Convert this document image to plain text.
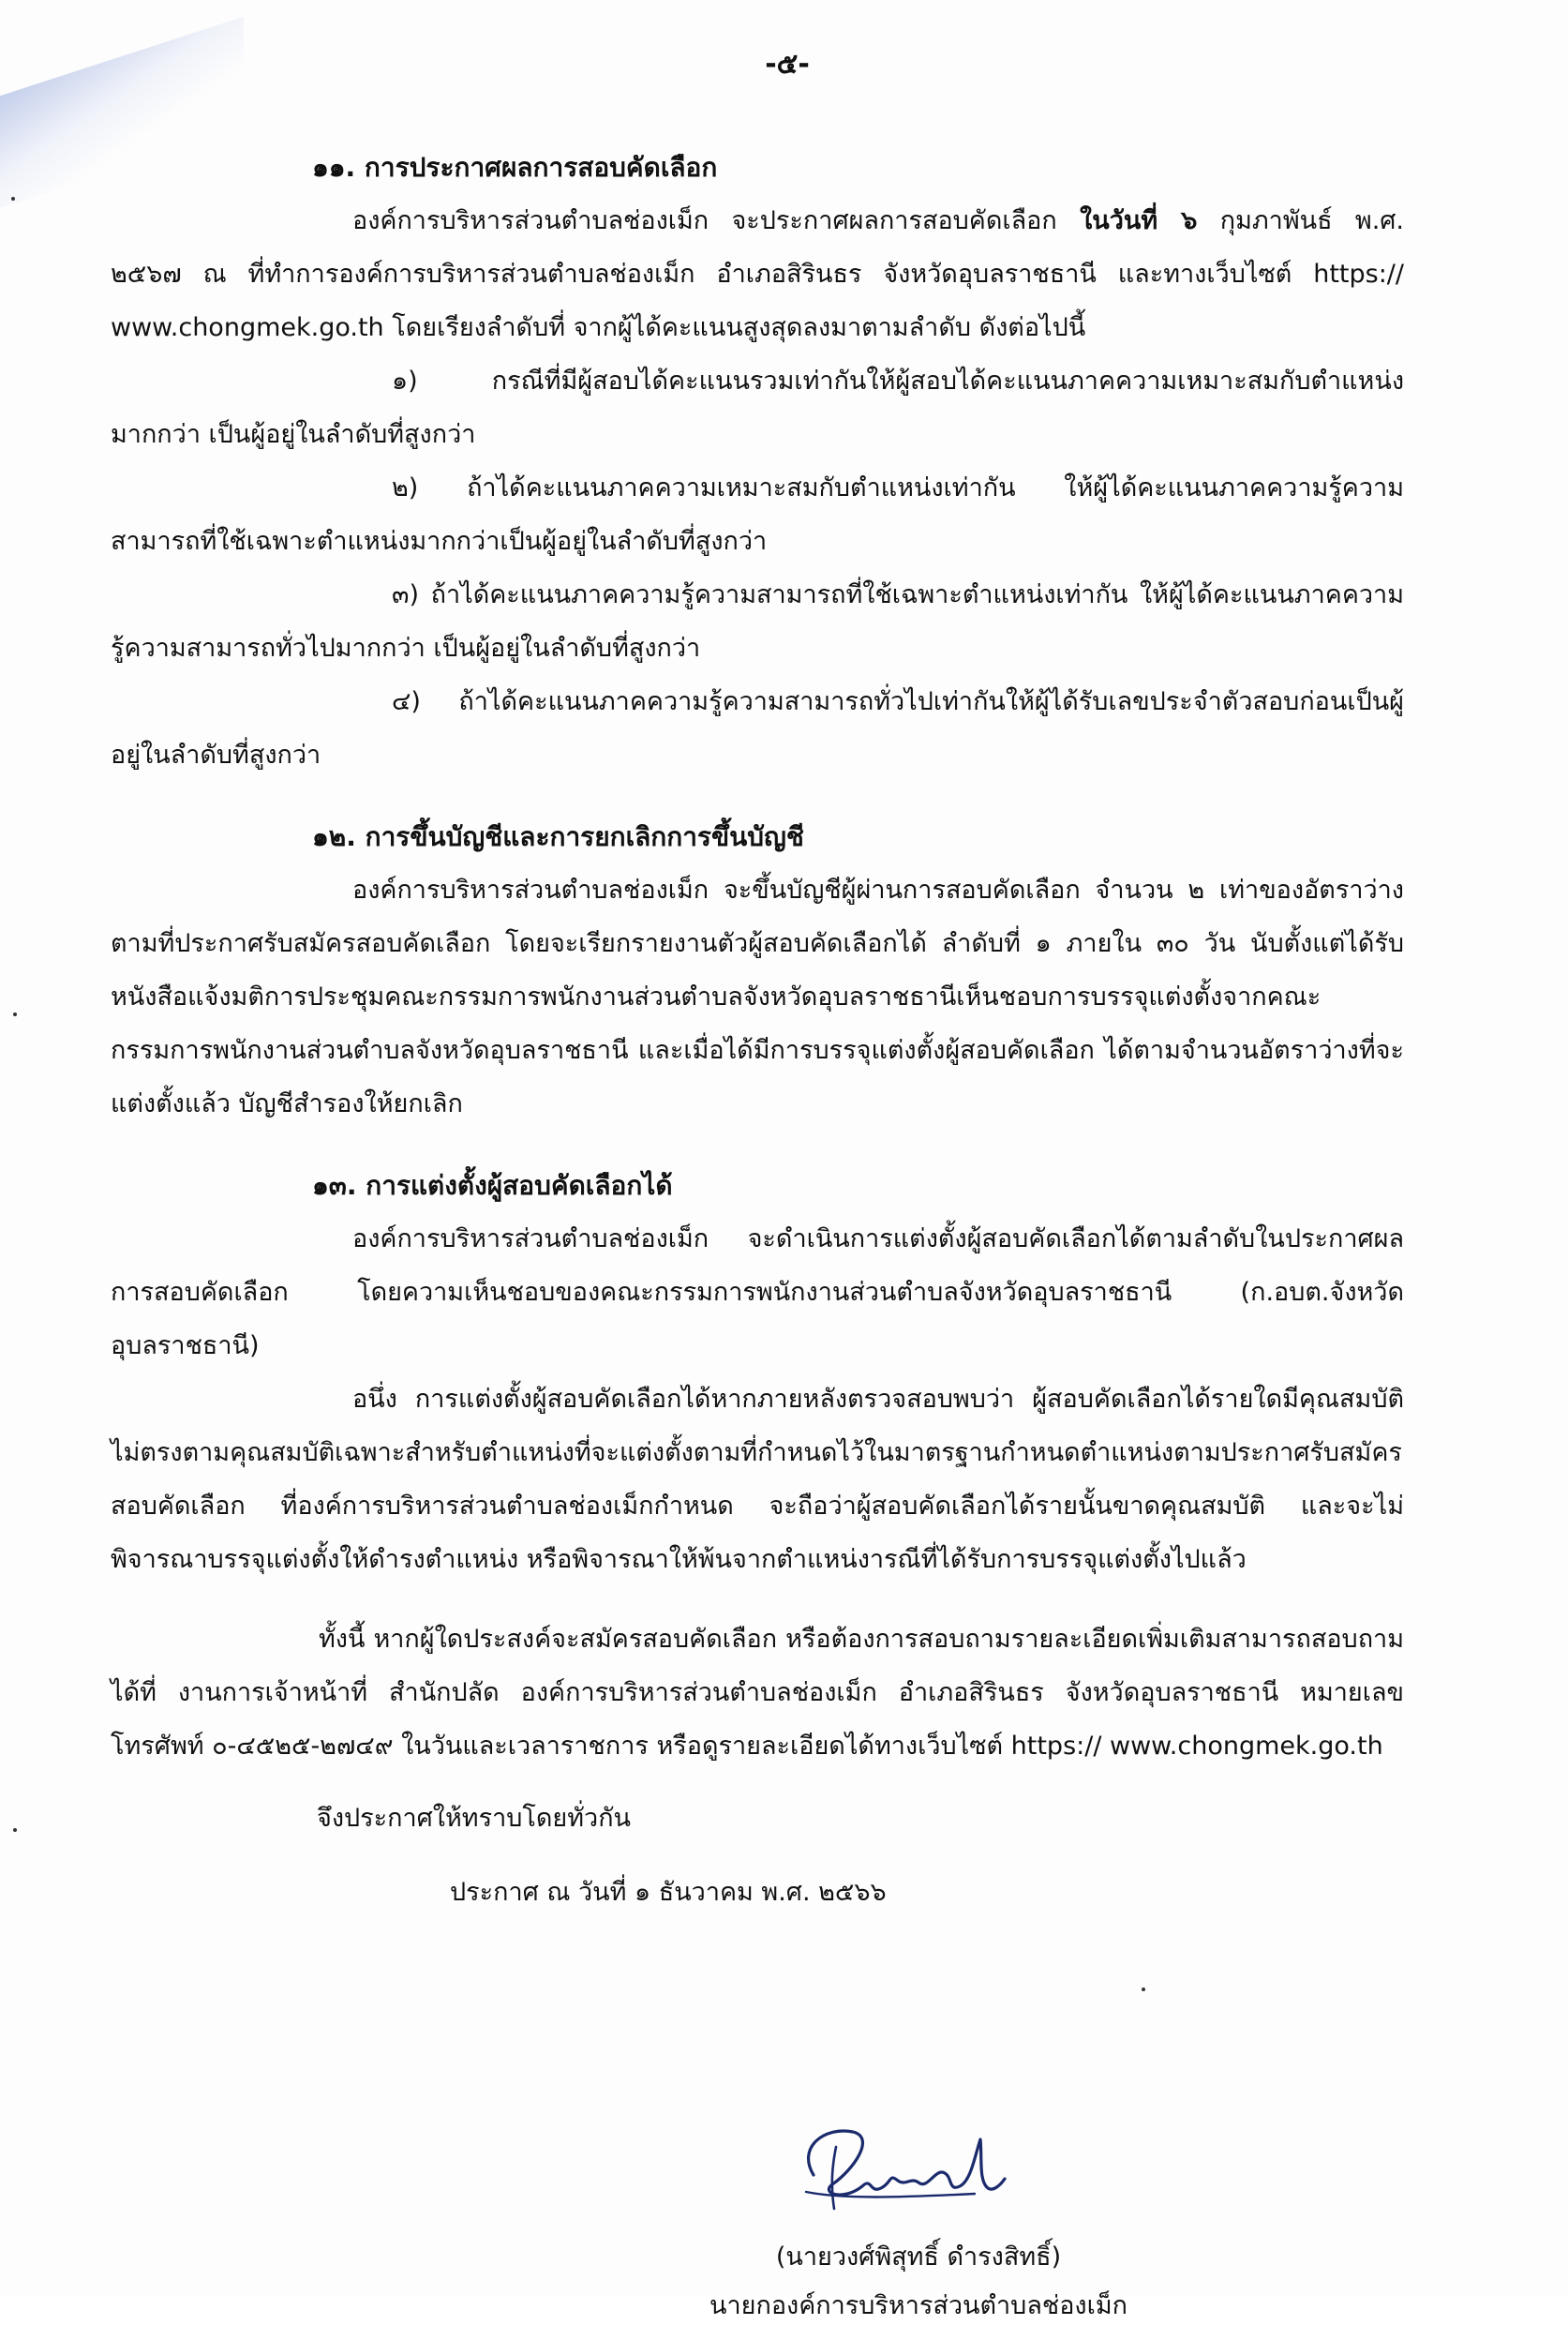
-๕-

๑๑. การประกาศผลการสอบคัดเลือก

องค์การบริหารส่วนตำบลช่องเม็ก จะประกาศผลการสอบคัดเลือก ในวันที่ ๖ กุมภาพันธ์ พ.ศ. ๒๕๖๗ ณ ที่ทำการองค์การบริหารส่วนตำบลช่องเม็ก อำเภอสิรินธร จังหวัดอุบลราชธานี และทางเว็บไซต์ https:// www.chongmek.go.th โดยเรียงลำดับที่ จากผู้ได้คะแนนสูงสุดลงมาตามลำดับ ดังต่อไปนี้

๑) กรณีที่มีผู้สอบได้คะแนนรวมเท่ากันให้ผู้สอบได้คะแนนภาคความเหมาะสมกับตำแหน่งมากกว่า เป็นผู้อยู่ในลำดับที่สูงกว่า

๒) ถ้าได้คะแนนภาคความเหมาะสมกับตำแหน่งเท่ากัน ให้ผู้ได้คะแนนภาคความรู้ความสามารถที่ใช้เฉพาะตำแหน่งมากกว่าเป็นผู้อยู่ในลำดับที่สูงกว่า

๓) ถ้าได้คะแนนภาคความรู้ความสามารถที่ใช้เฉพาะตำแหน่งเท่ากัน ให้ผู้ได้คะแนนภาคความรู้ความสามารถทั่วไปมากกว่า เป็นผู้อยู่ในลำดับที่สูงกว่า

๔) ถ้าได้คะแนนภาคความรู้ความสามารถทั่วไปเท่ากันให้ผู้ได้รับเลขประจำตัวสอบก่อนเป็นผู้อยู่ในลำดับที่สูงกว่า

๑๒. การขึ้นบัญชีและการยกเลิกการขึ้นบัญชี

องค์การบริหารส่วนตำบลช่องเม็ก จะขึ้นบัญชีผู้ผ่านการสอบคัดเลือก จำนวน ๒ เท่าของอัตราว่างตามที่ประกาศรับสมัครสอบคัดเลือก โดยจะเรียกรายงานตัวผู้สอบคัดเลือกได้ ลำดับที่ ๑ ภายใน ๓๐ วัน นับตั้งแต่ได้รับหนังสือแจ้งมติการประชุมคณะกรรมการพนักงานส่วนตำบลจังหวัดอุบลราชธานีเห็นชอบการบรรจุแต่งตั้งจากคณะกรรมการพนักงานส่วนตำบลจังหวัดอุบลราชธานี และเมื่อได้มีการบรรจุแต่งตั้งผู้สอบคัดเลือก ได้ตามจำนวนอัตราว่างที่จะแต่งตั้งแล้ว บัญชีสำรองให้ยกเลิก

๑๓. การแต่งตั้งผู้สอบคัดเลือกได้

องค์การบริหารส่วนตำบลช่องเม็ก จะดำเนินการแต่งตั้งผู้สอบคัดเลือกได้ตามลำดับในประกาศผลการสอบคัดเลือก โดยความเห็นชอบของคณะกรรมการพนักงานส่วนตำบลจังหวัดอุบลราชธานี (ก.อบต.จังหวัดอุบลราชธานี)

อนึ่ง การแต่งตั้งผู้สอบคัดเลือกได้หากภายหลังตรวจสอบพบว่า ผู้สอบคัดเลือกได้รายใดมีคุณสมบัติไม่ตรงตามคุณสมบัติเฉพาะสำหรับตำแหน่งที่จะแต่งตั้งตามที่กำหนดไว้ในมาตรฐานกำหนดตำแหน่งตามประกาศรับสมัครสอบคัดเลือก ที่องค์การบริหารส่วนตำบลช่องเม็กกำหนด จะถือว่าผู้สอบคัดเลือกได้รายนั้นขาดคุณสมบัติ และจะไม่พิจารณาบรรจุแต่งตั้งให้ดำรงตำแหน่ง หรือพิจารณาให้พ้นจากตำแหน่งารณีที่ได้รับการบรรจุแต่งตั้งไปแล้ว

ทั้งนี้ หากผู้ใดประสงค์จะสมัครสอบคัดเลือก หรือต้องการสอบถามรายละเอียดเพิ่มเติมสามารถสอบถามได้ที่ งานการเจ้าหน้าที่ สำนักปลัด องค์การบริหารส่วนตำบลช่องเม็ก อำเภอสิรินธร จังหวัดอุบลราชธานี หมายเลขโทรศัพท์ ๐-๔๕๒๕-๒๗๔๙ ในวันและเวลาราชการ หรือดูรายละเอียดได้ทางเว็บไซต์ https:// www.chongmek.go.th

จึงประกาศให้ทราบโดยทั่วกัน

ประกาศ ณ วันที่ ๑ ธันวาคม พ.ศ. ๒๕๖๖

(นายวงศ์พิสุทธิ์ ดำรงสิทธิ์)
นายกองค์การบริหารส่วนตำบลช่องเม็ก
